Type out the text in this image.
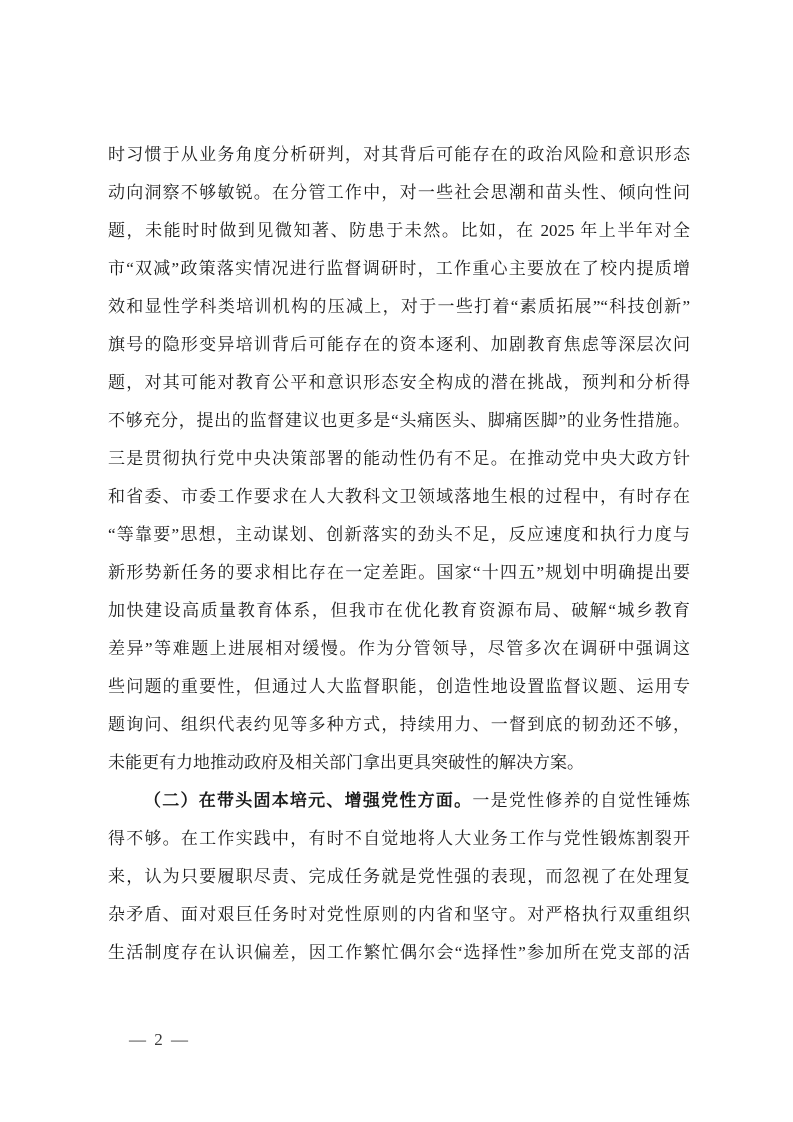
时习惯于从业务角度分析研判，对其背后可能存在的政治风险和意识形态
动向洞察不够敏锐。在分管工作中，对一些社会思潮和苗头性、倾向性问
题，未能时时做到见微知著、防患于未然。比如，在 2025 年上半年对全
市“双减”政策落实情况进行监督调研时，工作重心主要放在了校内提质增
效和显性学科类培训机构的压减上，对于一些打着“素质拓展”“科技创新”
旗号的隐形变异培训背后可能存在的资本逐利、加剧教育焦虑等深层次问
题，对其可能对教育公平和意识形态安全构成的潜在挑战，预判和分析得
不够充分，提出的监督建议也更多是“头痛医头、脚痛医脚”的业务性措施。
三是贯彻执行党中央决策部署的能动性仍有不足。在推动党中央大政方针
和省委、市委工作要求在人大教科文卫领域落地生根的过程中，有时存在
“等靠要”思想，主动谋划、创新落实的劲头不足，反应速度和执行力度与
新形势新任务的要求相比存在一定差距。国家“十四五”规划中明确提出要
加快建设高质量教育体系，但我市在优化教育资源布局、破解“城乡教育
差异”等难题上进展相对缓慢。作为分管领导，尽管多次在调研中强调这
些问题的重要性，但通过人大监督职能，创造性地设置监督议题、运用专
题询问、组织代表约见等多种方式，持续用力、一督到底的韧劲还不够，
未能更有力地推动政府及相关部门拿出更具突破性的解决方案。
（二）在带头固本培元、增强党性方面。一是党性修养的自觉性锤炼
得不够。在工作实践中，有时不自觉地将人大业务工作与党性锻炼割裂开
来，认为只要履职尽责、完成任务就是党性强的表现，而忽视了在处理复
杂矛盾、面对艰巨任务时对党性原则的内省和坚守。对严格执行双重组织
生活制度存在认识偏差，因工作繁忙偶尔会“选择性”参加所在党支部的活
— 2 —
